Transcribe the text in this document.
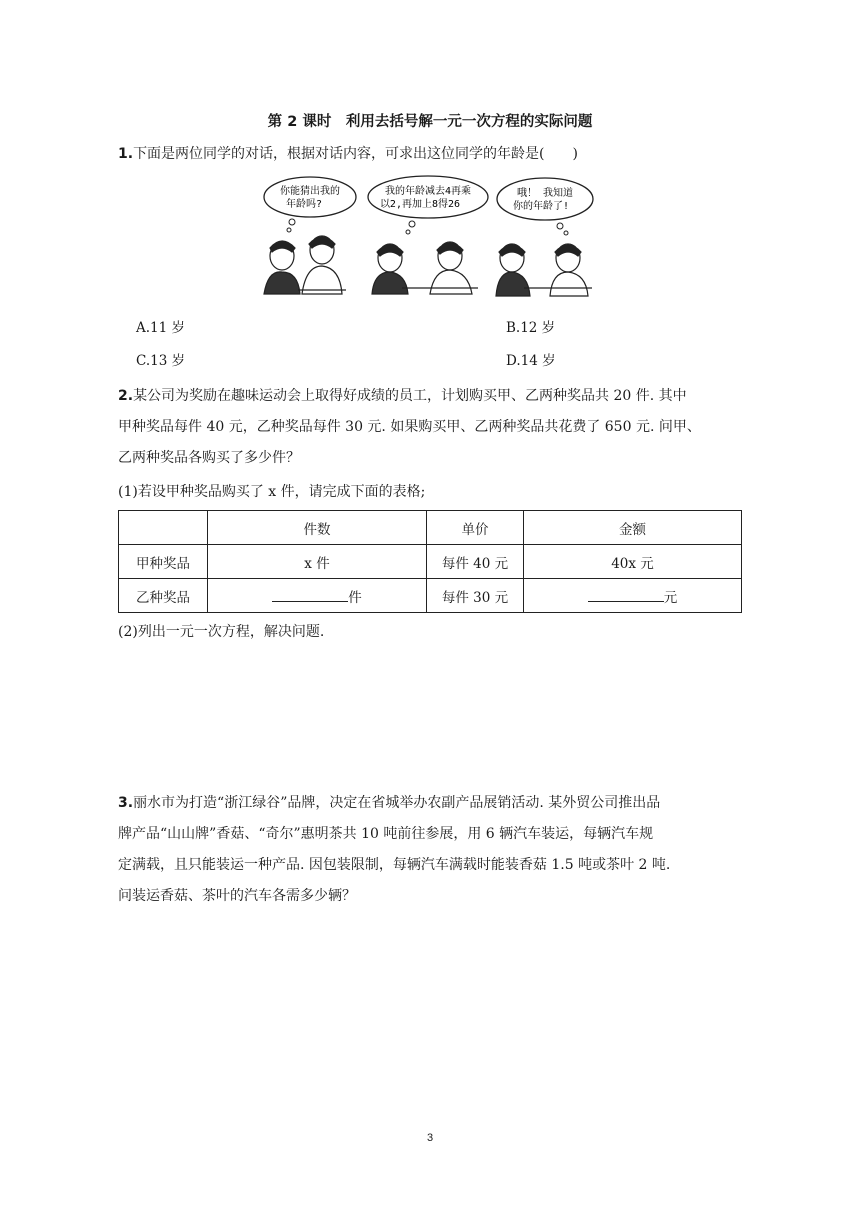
第 2 课时　利用去括号解一元一次方程的实际问题
1.下面是两位同学的对话，根据对话内容，可求出这位同学的年龄是(　　)
你能猜出我的
年龄吗?
我的年龄减去4再乘
以2,再加上8得26
哦！ 我知道
你的年龄了!
A.11 岁	B.12 岁
C.13 岁	D.14 岁
2.某公司为奖励在趣味运动会上取得好成绩的员工，计划购买甲、乙两种奖品共 20 件. 其中
甲种奖品每件 40 元，乙种奖品每件 30 元. 如果购买甲、乙两种奖品共花费了 650 元. 问甲、
乙两种奖品各购买了多少件？
(1)若设甲种奖品购买了 x 件，请完成下面的表格;
	件数	单价	金额
甲种奖品	x 件	每件 40 元	40x 元
乙种奖品	件	每件 30 元	元
(2)列出一元一次方程，解决问题.
3.丽水市为打造“浙江绿谷”品牌，决定在省城举办农副产品展销活动. 某外贸公司推出品
牌产品“山山牌”香菇、“奇尔”惠明茶共 10 吨前往参展，用 6 辆汽车装运，每辆汽车规
定满载，且只能装运一种产品. 因包装限制，每辆汽车满载时能装香菇 1.5 吨或茶叶 2 吨.
问装运香菇、茶叶的汽车各需多少辆？
3
